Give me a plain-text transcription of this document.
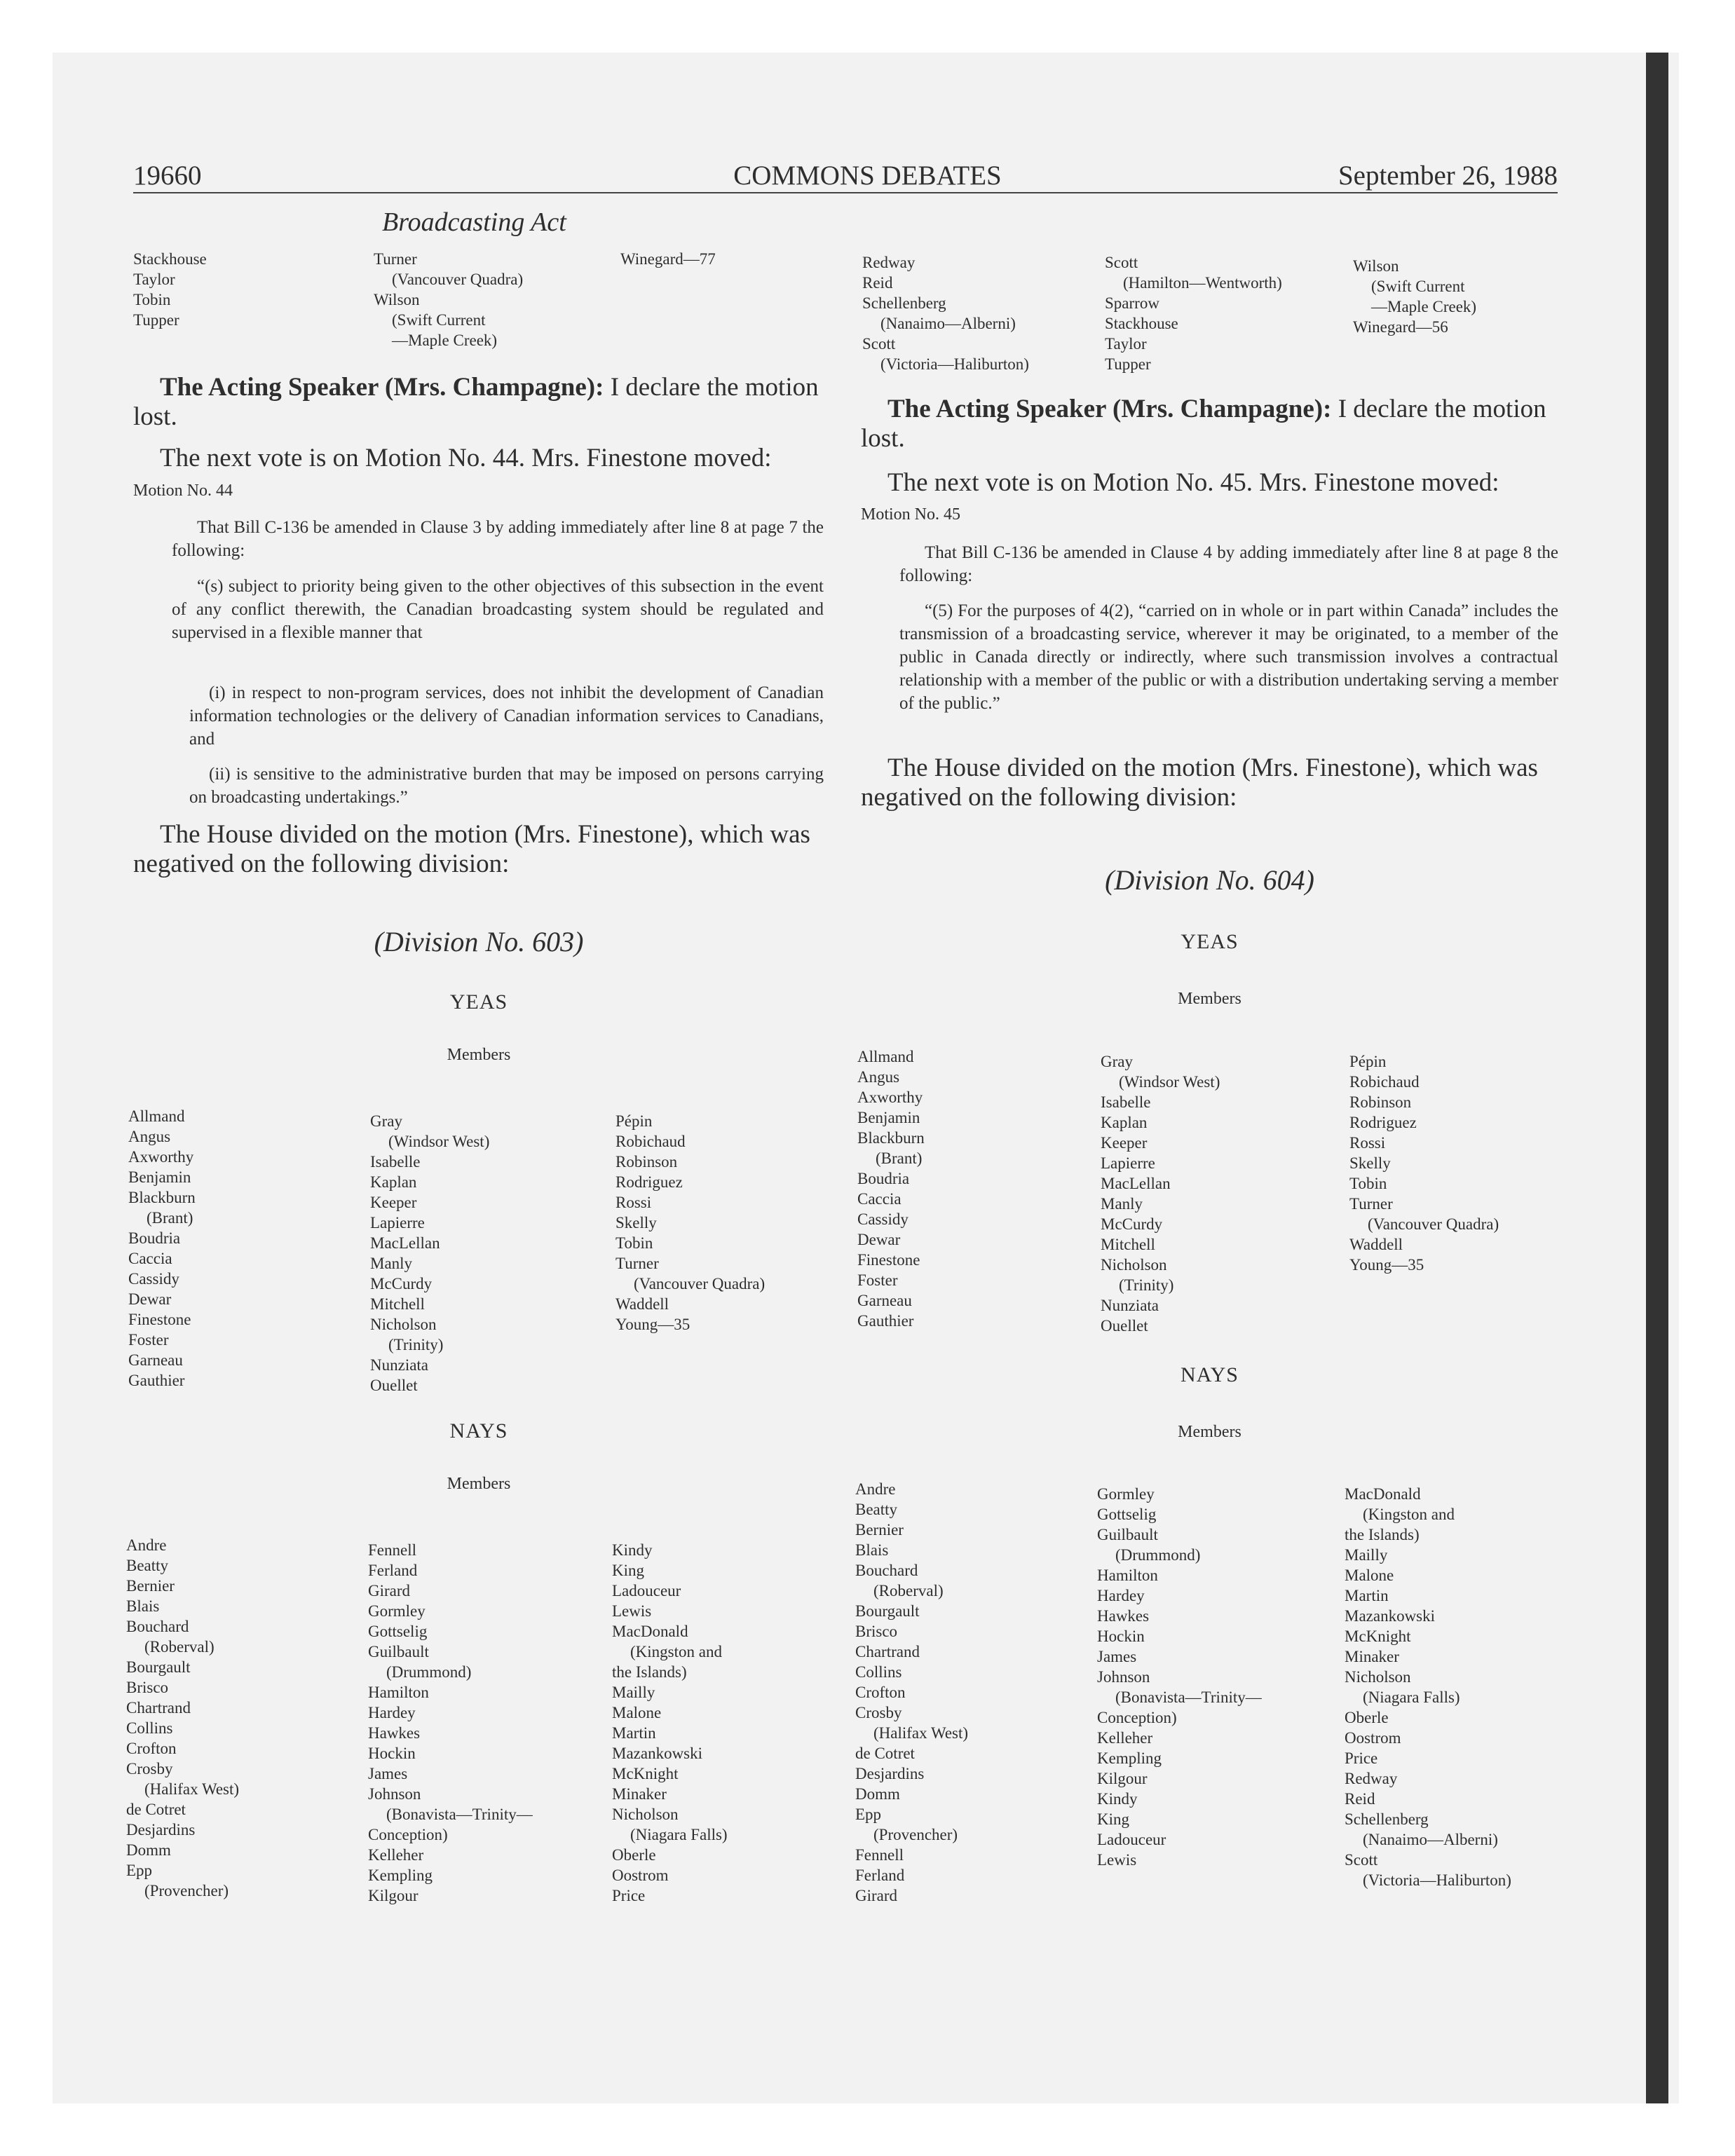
19660	COMMONS DEBATES	September 26, 1988
Broadcasting Act
Stackhouse
Taylor
Tobin
Tupper
Turner
(Vancouver Quadra)
Wilson
(Swift Current
—Maple Creek)
Winegard—77
The Acting Speaker (Mrs. Champagne): I declare the motion lost.
The next vote is on Motion No. 44. Mrs. Finestone moved:
Motion No. 44
That Bill C-136 be amended in Clause 3 by adding immediately after line 8 at page 7 the following:
“(s) subject to priority being given to the other objectives of this subsection in the event of any conflict therewith, the Canadian broadcasting system should be regulated and supervised in a flexible manner that
(i) in respect to non-program services, does not inhibit the development of Canadian information technologies or the delivery of Canadian information services to Canadians, and
(ii) is sensitive to the administrative burden that may be imposed on persons carrying on broadcasting undertakings.”
The House divided on the motion (Mrs. Finestone), which was negatived on the following division:
(Division No. 603)
YEAS
Members
Allmand
Angus
Axworthy
Benjamin
Blackburn
(Brant)
Boudria
Caccia
Cassidy
Dewar
Finestone
Foster
Garneau
Gauthier
Gray
(Windsor West)
Isabelle
Kaplan
Keeper
Lapierre
MacLellan
Manly
McCurdy
Mitchell
Nicholson
(Trinity)
Nunziata
Ouellet
Pépin
Robichaud
Robinson
Rodriguez
Rossi
Skelly
Tobin
Turner
(Vancouver Quadra)
Waddell
Young—35
NAYS
Members
Andre
Beatty
Bernier
Blais
Bouchard
(Roberval)
Bourgault
Brisco
Chartrand
Collins
Crofton
Crosby
(Halifax West)
de Cotret
Desjardins
Domm
Epp
(Provencher)
Fennell
Ferland
Girard
Gormley
Gottselig
Guilbault
(Drummond)
Hamilton
Hardey
Hawkes
Hockin
James
Johnson
(Bonavista—Trinity—
Conception)
Kelleher
Kempling
Kilgour
Kindy
King
Ladouceur
Lewis
MacDonald
(Kingston and
the Islands)
Mailly
Malone
Martin
Mazankowski
McKnight
Minaker
Nicholson
(Niagara Falls)
Oberle
Oostrom
Price
Redway
Reid
Schellenberg
(Nanaimo—Alberni)
Scott
(Victoria—Haliburton)
Scott
(Hamilton—Wentworth)
Sparrow
Stackhouse
Taylor
Tupper
Wilson
(Swift Current
—Maple Creek)
Winegard—56
The Acting Speaker (Mrs. Champagne): I declare the motion lost.
The next vote is on Motion No. 45. Mrs. Finestone moved:
Motion No. 45
That Bill C-136 be amended in Clause 4 by adding immediately after line 8 at page 8 the following:
“(5) For the purposes of 4(2), “carried on in whole or in part within Canada” includes the transmission of a broadcasting service, wherever it may be originated, to a member of the public in Canada directly or indirectly, where such transmission involves a contractual relationship with a member of the public or with a distribution undertaking serving a member of the public.”
The House divided on the motion (Mrs. Finestone), which was negatived on the following division:
(Division No. 604)
YEAS
Members
Allmand
Angus
Axworthy
Benjamin
Blackburn
(Brant)
Boudria
Caccia
Cassidy
Dewar
Finestone
Foster
Garneau
Gauthier
Gray
(Windsor West)
Isabelle
Kaplan
Keeper
Lapierre
MacLellan
Manly
McCurdy
Mitchell
Nicholson
(Trinity)
Nunziata
Ouellet
Pépin
Robichaud
Robinson
Rodriguez
Rossi
Skelly
Tobin
Turner
(Vancouver Quadra)
Waddell
Young—35
NAYS
Members
Andre
Beatty
Bernier
Blais
Bouchard
(Roberval)
Bourgault
Brisco
Chartrand
Collins
Crofton
Crosby
(Halifax West)
de Cotret
Desjardins
Domm
Epp
(Provencher)
Fennell
Ferland
Girard
Gormley
Gottselig
Guilbault
(Drummond)
Hamilton
Hardey
Hawkes
Hockin
James
Johnson
(Bonavista—Trinity—
Conception)
Kelleher
Kempling
Kilgour
Kindy
King
Ladouceur
Lewis
MacDonald
(Kingston and
the Islands)
Mailly
Malone
Martin
Mazankowski
McKnight
Minaker
Nicholson
(Niagara Falls)
Oberle
Oostrom
Price
Redway
Reid
Schellenberg
(Nanaimo—Alberni)
Scott
(Victoria—Haliburton)
